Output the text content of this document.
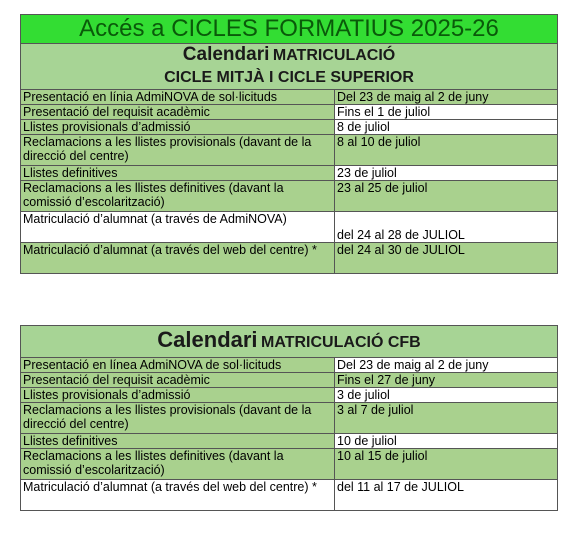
Accés a CICLES FORMATIUS 2025-26	

Calendari MATRICULACIÓ
CICLE MITJÀ I CICLE SUPERIOR	

Presentació en línia AdmiNOVA de sol·licituds	Del 23 de maig al 2 de juny
Presentació del requisit acadèmic	Fins el 1 de juliol
Llistes provisionals d’admissió	8 de juliol
Reclamacions a les llistes provisionals (davant de la direcció del centre)	8 al 10 de juliol
Llistes definitives	23 de juliol
Reclamacions a les llistes definitives (davant la comissió d’escolarització)	23 al 25 de juliol
Matriculació d’alumnat (a través de AdmiNOVA)	del 24 al 28 de JULIOL
Matriculació d’alumnat (a través del web del centre) *	del 24 al 30 de JULIOL
Calendari MATRICULACIÓ CFB	
Presentació en línea AdmiNOVA de sol·licituds	Del 23 de maig al 2 de juny
Presentació del requisit acadèmic	Fins el 27 de juny
Llistes provisionals d’admissió	3 de juliol
Reclamacions a les llistes provisionals (davant de la direcció del centre)	3 al 7 de juliol
Llistes definitives	10 de juliol
Reclamacions a les llistes definitives (davant la comissió d’escolarització)	10 al 15 de juliol
Matriculació d’alumnat (a través del web del centre) *	del 11 al 17 de JULIOL
